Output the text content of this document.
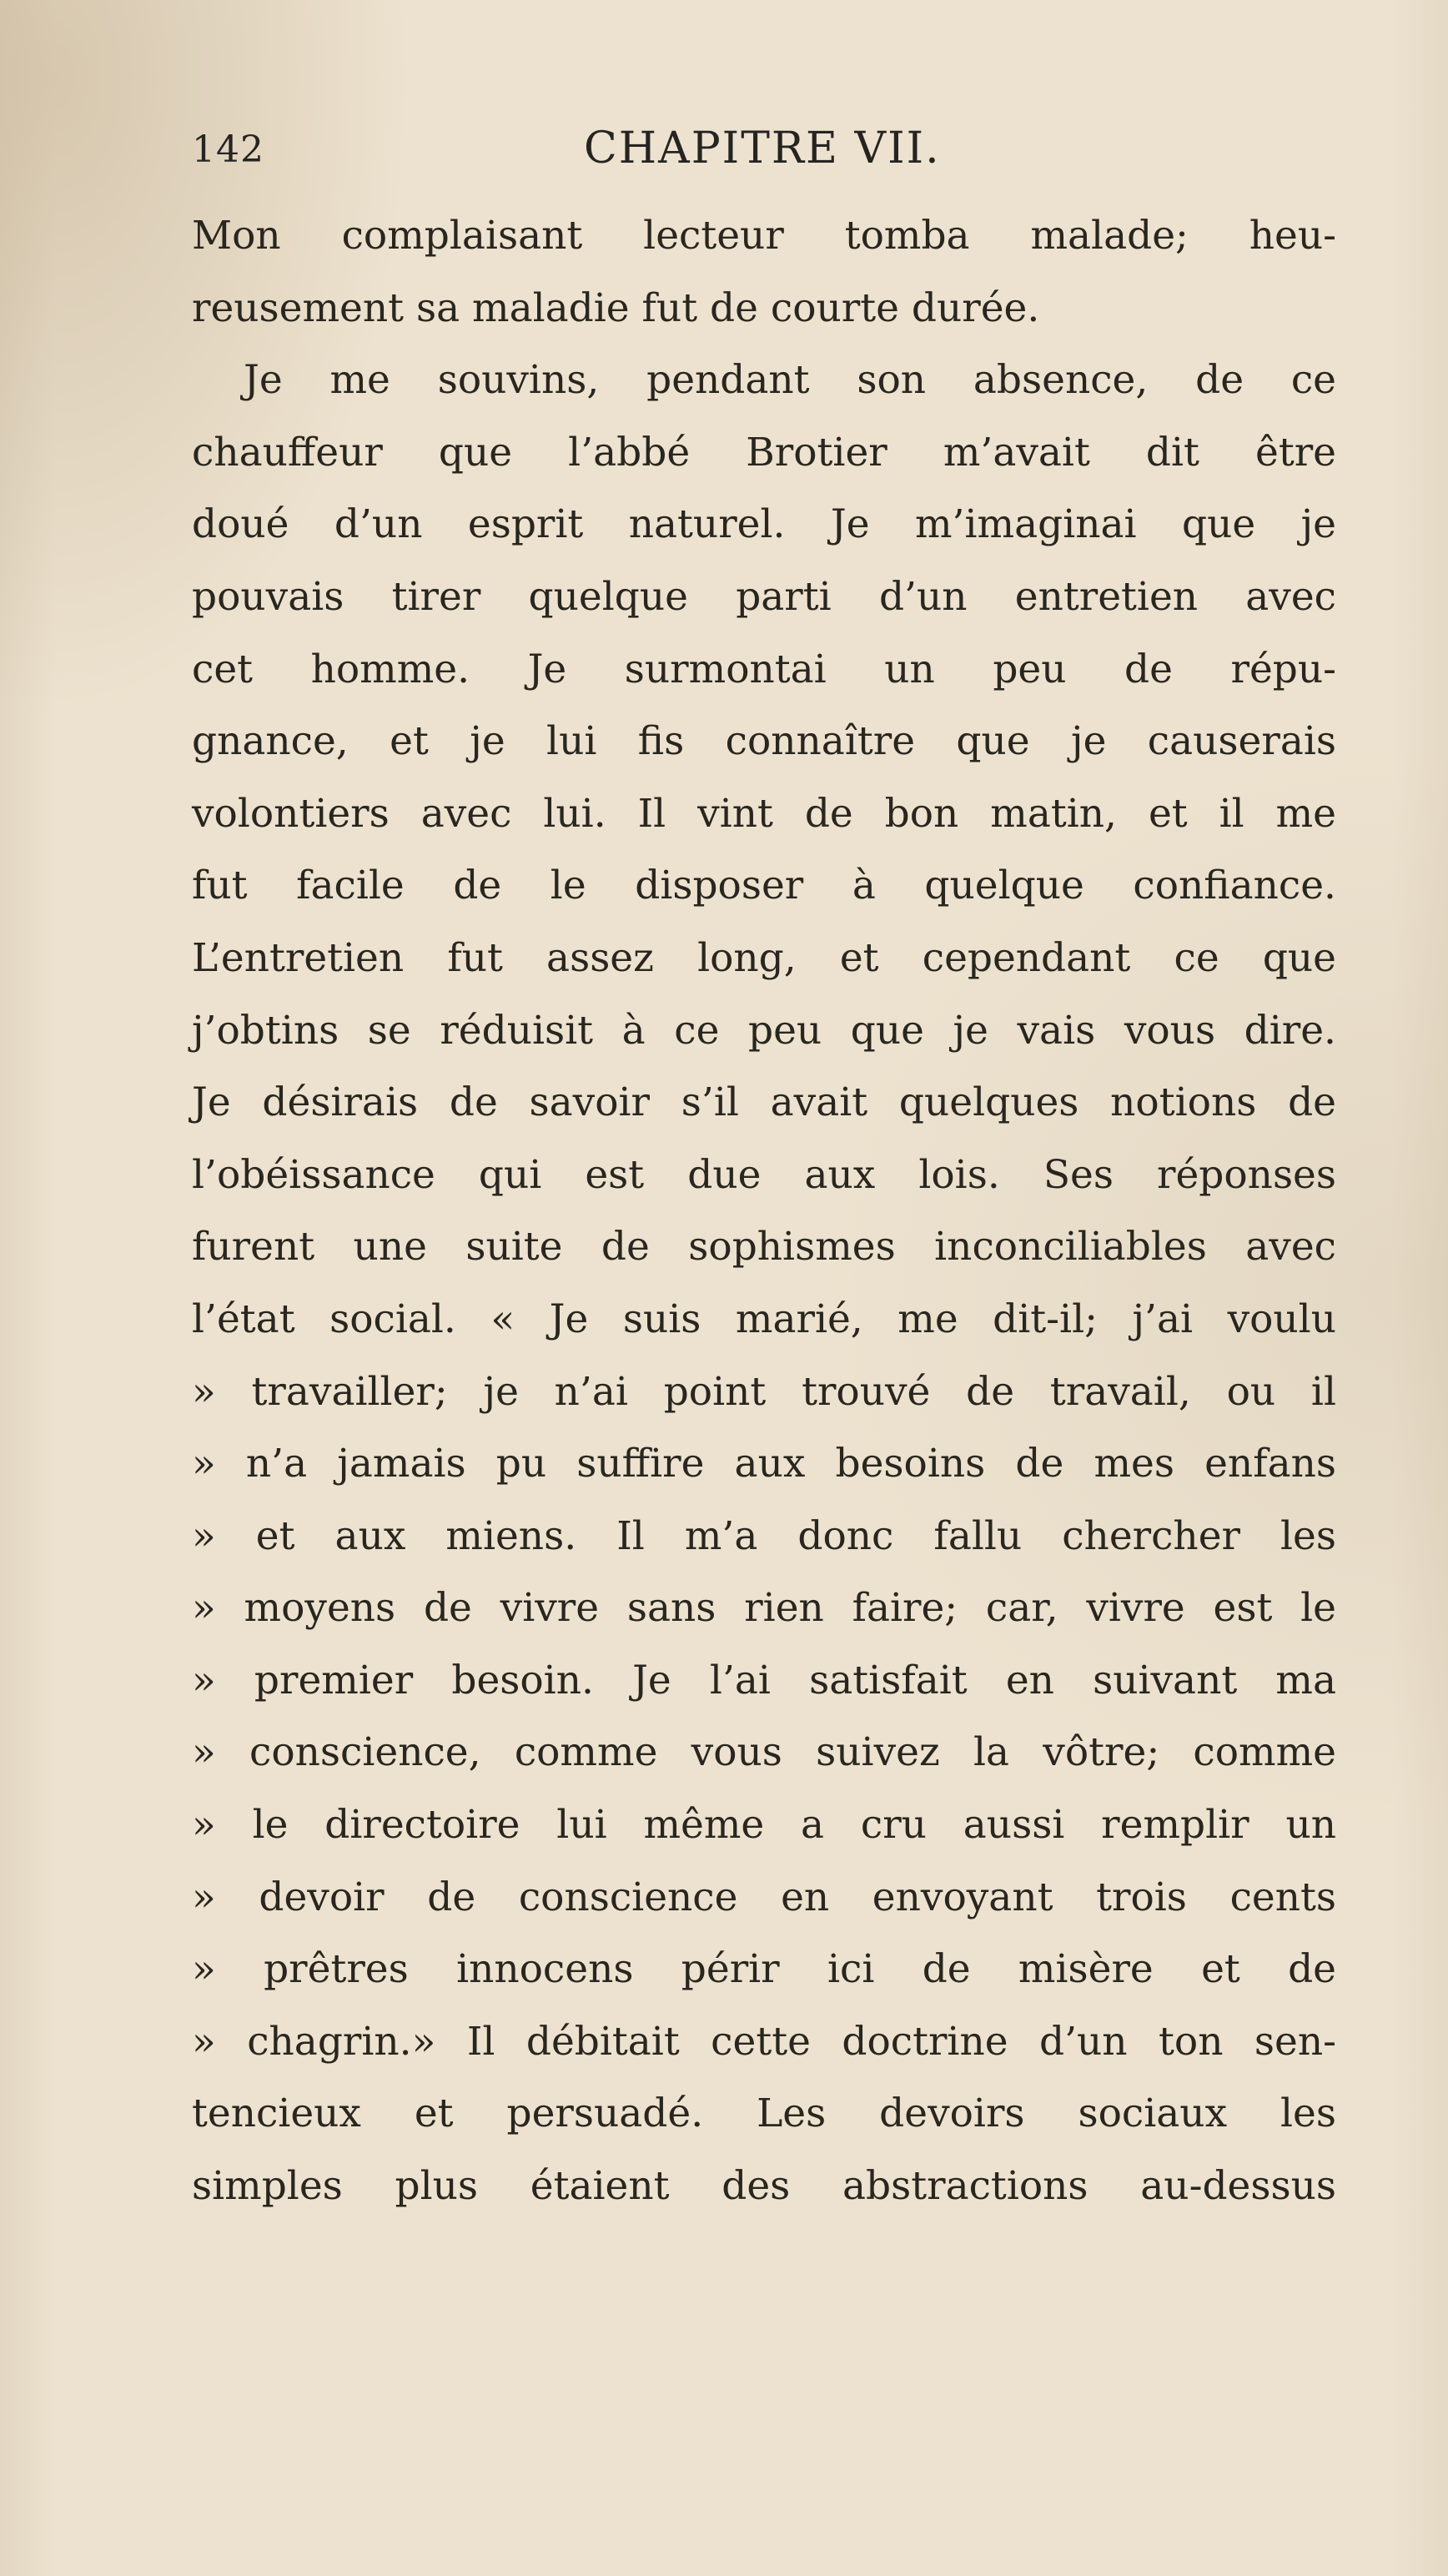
142	CHAPITRE VII.
Mon complaisant lecteur tomba malade; heu-
reusement sa maladie fut de courte durée.
Je me souvins, pendant son absence, de ce
chauffeur que l’abbé Brotier m’avait dit être
doué d’un esprit naturel. Je m’imaginai que je
pouvais tirer quelque parti d’un entretien avec
cet homme. Je surmontai un peu de répu-
gnance, et je lui fis connaître que je causerais
volontiers avec lui. Il vint de bon matin, et il me
fut facile de le disposer à quelque confiance.
L’entretien fut assez long, et cependant ce que
j’obtins se réduisit à ce peu que je vais vous dire.
Je désirais de savoir s’il avait quelques notions de
l’obéissance qui est due aux lois. Ses réponses
furent une suite de sophismes inconciliables avec
l’état social. « Je suis marié, me dit-il; j’ai voulu
» travailler; je n’ai point trouvé de travail, ou il
» n’a jamais pu suffire aux besoins de mes enfans
» et aux miens. Il m’a donc fallu chercher les
» moyens de vivre sans rien faire; car, vivre est le
» premier besoin. Je l’ai satisfait en suivant ma
» conscience, comme vous suivez la vôtre; comme
» le directoire lui même a cru aussi remplir un
» devoir de conscience en envoyant trois cents
» prêtres innocens périr ici de misère et de
» chagrin.» Il débitait cette doctrine d’un ton sen-
tencieux et persuadé. Les devoirs sociaux les
simples plus étaient des abstractions au-dessus
